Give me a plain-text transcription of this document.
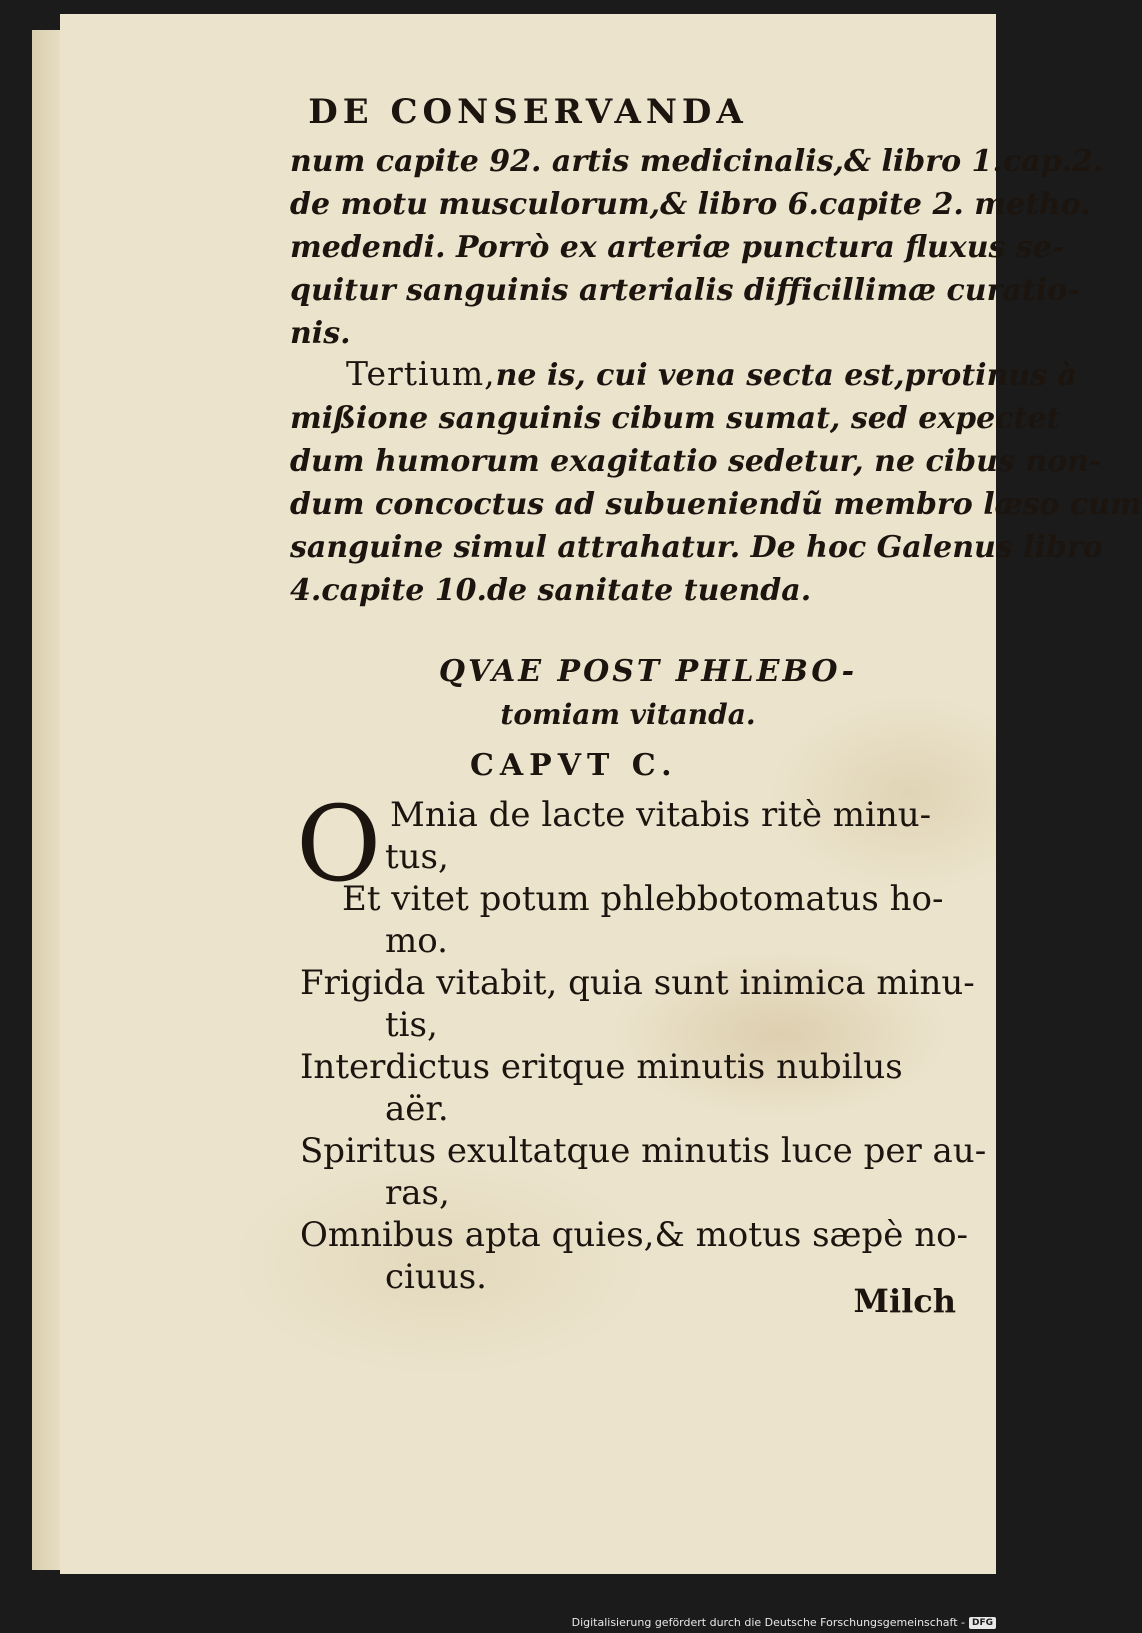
DE CONSERVANDA
num capite 92. artis medicinalis,& libro 1.cap.2.
de motu musculorum,& libro 6.capite 2. metho.
medendi. Porrò ex arteriæ punctura fluxus se-
quitur sanguinis arterialis difficillimæ curatio-
nis.
Tertium,ne is, cui vena secta est,protinus à
mißione sanguinis cibum sumat, sed expectet
dum humorum exagitatio sedetur, ne cibus non-
dum concoctus ad subueniendũ membro læso cum
sanguine simul attrahatur. De hoc Galenus libro
4.capite 10.de sanitate tuenda.
QVAE POST PHLEBO-
tomiam vitanda.
CAPVT C.
O Mnia de lacte vitabis ritè minu-
tus,
Et vitet potum phlebbotomatus ho-
mo.
Frigida vitabit, quia sunt inimica minu-
tis,
Interdictus eritque minutis nubilus
aër.
Spiritus exultatque minutis luce per au-
ras,
Omnibus apta quies,& motus sæpè no-
ciuus.
Milch
Digitalisierung gefördert durch die Deutsche Forschungsgemeinschaft - DFG
